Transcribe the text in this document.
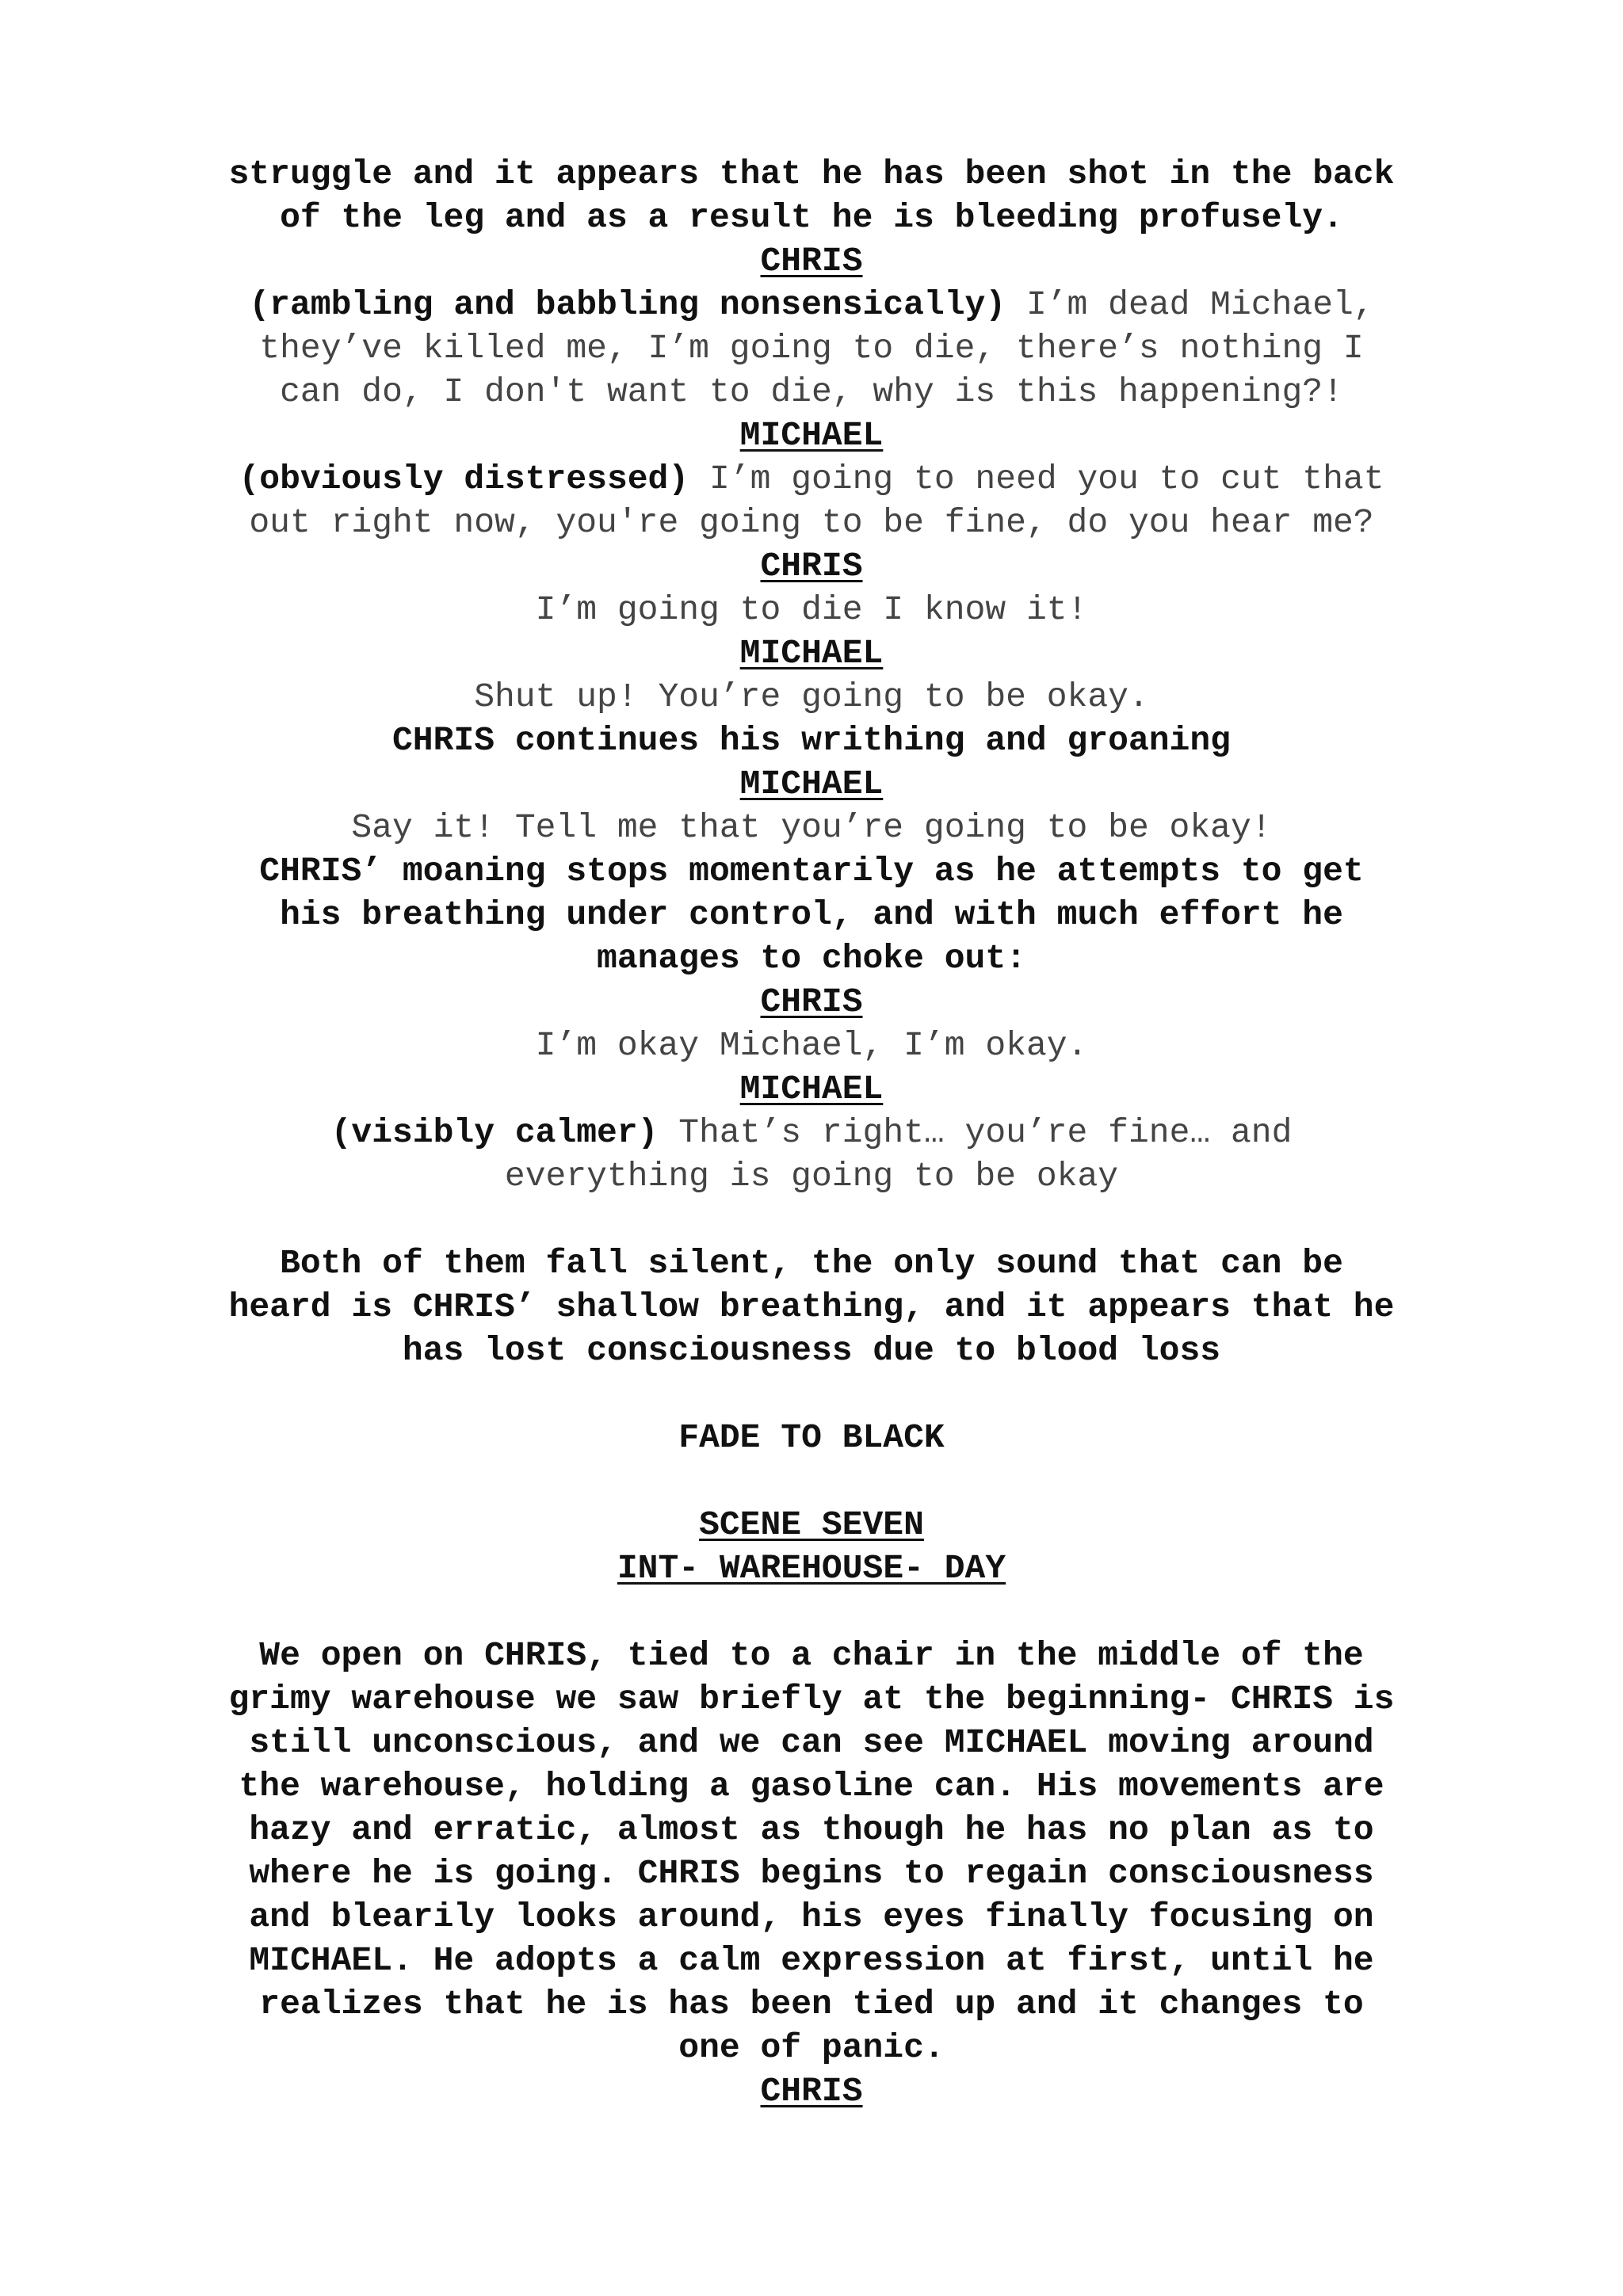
struggle and it appears that he has been shot in the back
of the leg and as a result he is bleeding profusely.
CHRIS
(rambling and babbling nonsensically) I’m dead Michael,
they’ve killed me, I’m going to die, there’s nothing I
can do, I don't want to die, why is this happening?!
MICHAEL
(obviously distressed) I’m going to need you to cut that
out right now, you're going to be fine, do you hear me?
CHRIS
I’m going to die I know it!
MICHAEL
Shut up! You’re going to be okay.
CHRIS continues his writhing and groaning
MICHAEL
Say it! Tell me that you’re going to be okay!
CHRIS’ moaning stops momentarily as he attempts to get
his breathing under control, and with much effort he
manages to choke out:
CHRIS
I’m okay Michael, I’m okay.
MICHAEL
(visibly calmer) That’s right… you’re fine… and
everything is going to be okay
Both of them fall silent, the only sound that can be
heard is CHRIS’ shallow breathing, and it appears that he
has lost consciousness due to blood loss
FADE TO BLACK
SCENE SEVEN
INT- WAREHOUSE- DAY
We open on CHRIS, tied to a chair in the middle of the
grimy warehouse we saw briefly at the beginning- CHRIS is
still unconscious, and we can see MICHAEL moving around
the warehouse, holding a gasoline can. His movements are
hazy and erratic, almost as though he has no plan as to
where he is going. CHRIS begins to regain consciousness
and blearily looks around, his eyes finally focusing on
MICHAEL. He adopts a calm expression at first, until he
realizes that he is has been tied up and it changes to
one of panic.
CHRIS
